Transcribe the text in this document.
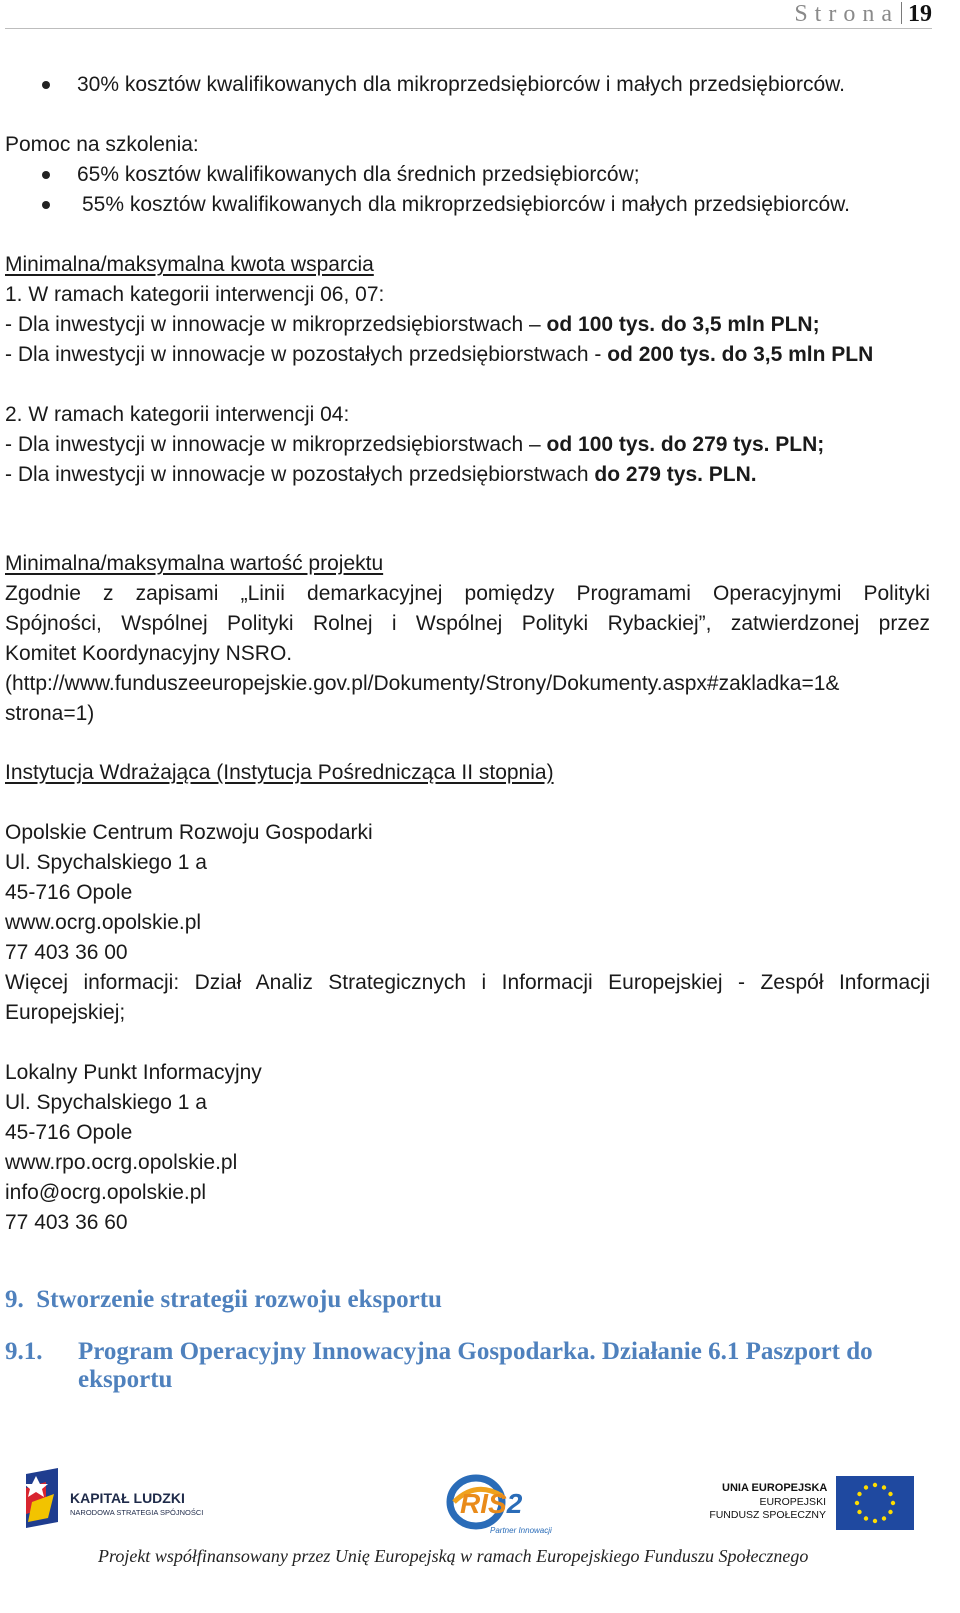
Strona 19
30% kosztów kwalifikowanych dla mikroprzedsiębiorców i małych przedsiębiorców.
Pomoc na szkolenia:
65% kosztów kwalifikowanych dla średnich przedsiębiorców;
55% kosztów kwalifikowanych dla mikroprzedsiębiorców i małych przedsiębiorców.
Minimalna/maksymalna kwota wsparcia
1. W ramach kategorii interwencji 06, 07:
- Dla inwestycji w innowacje w mikroprzedsiębiorstwach – od 100 tys. do 3,5 mln PLN;
- Dla inwestycji w innowacje w pozostałych przedsiębiorstwach - od 200 tys. do 3,5 mln PLN
2. W ramach kategorii interwencji 04:
- Dla inwestycji w innowacje w mikroprzedsiębiorstwach – od 100 tys. do 279 tys. PLN;
- Dla inwestycji w innowacje w pozostałych przedsiębiorstwach do 279 tys. PLN.
Minimalna/maksymalna wartość projektu
Zgodnie z zapisami „Linii demarkacyjnej pomiędzy Programami Operacyjnymi Polityki
Spójności, Wspólnej Polityki Rolnej i Wspólnej Polityki Rybackiej”, zatwierdzonej przez
Komitet Koordynacyjny NSRO.
(http://www.funduszeeuropejskie.gov.pl/Dokumenty/Strony/Dokumenty.aspx#zakladka=1&
strona=1)
Instytucja Wdrażająca (Instytucja Pośrednicząca II stopnia)
Opolskie Centrum Rozwoju Gospodarki
Ul. Spychalskiego 1 a
45-716 Opole
www.ocrg.opolskie.pl
77 403 36 00
Więcej informacji: Dział Analiz Strategicznych i Informacji Europejskiej - Zespół Informacji
Europejskiej;
Lokalny Punkt Informacyjny
Ul. Spychalskiego 1 a
45-716 Opole
www.rpo.ocrg.opolskie.pl
info@ocrg.opolskie.pl
77 403 36 60
9. Stworzenie strategii rozwoju eksportu
9.1. Program Operacyjny Innowacyjna Gospodarka. Działanie 6.1 Paszport do
eksportu
KAPITAŁ LUDZKI
NARODOWA STRATEGIA SPÓJNOŚCI	RIS2
Partner Innowacji
UNIA EUROPEJSKA
EUROPEJSKI
FUNDUSZ SPOŁECZNY
Projekt współfinansowany przez Unię Europejską w ramach Europejskiego Funduszu Społecznego
